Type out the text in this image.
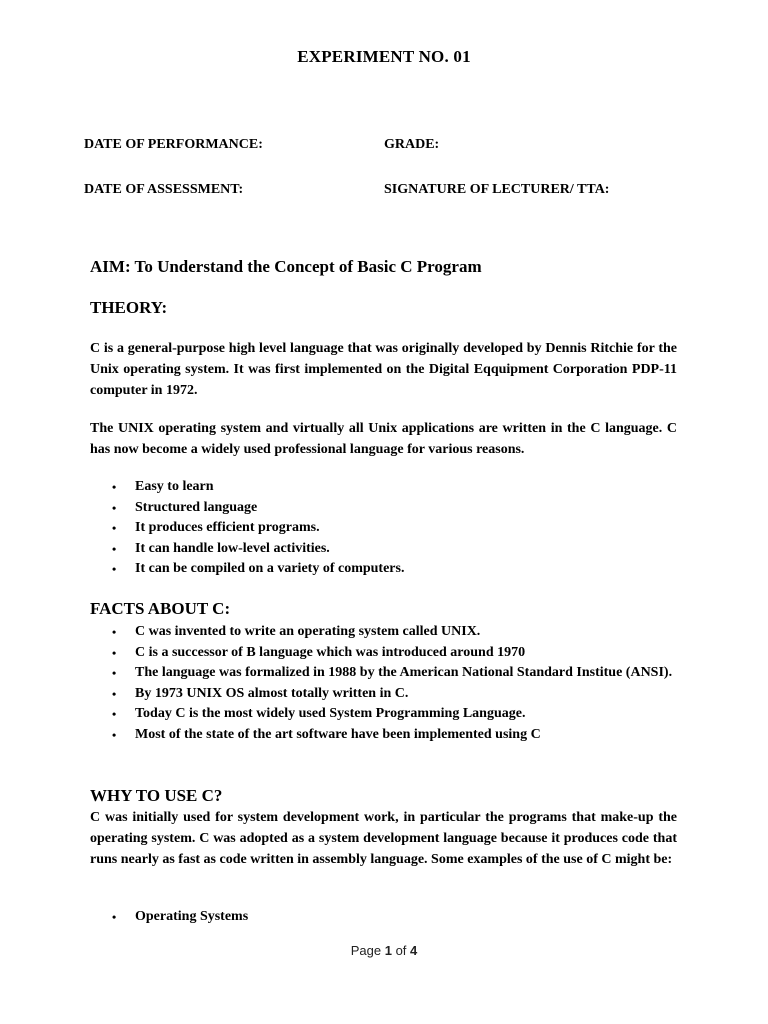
EXPERIMENT NO. 01
DATE OF PERFORMANCE:	GRADE:
DATE OF ASSESSMENT:	SIGNATURE OF LECTURER/ TTA:
AIM: To Understand the Concept of Basic C Program
THEORY:

C is a general-purpose high level language that was originally developed by Dennis Ritchie for the Unix operating system. It was first implemented on the Digital Eqquipment Corporation PDP-11 computer in 1972.

The UNIX operating system and virtually all Unix applications are written in the C language. C has now become a widely used professional language for various reasons.

• Easy to learn
• Structured language
• It produces efficient programs.
• It can handle low-level activities.
• It can be compiled on a variety of computers.
FACTS ABOUT C:
• C was invented to write an operating system called UNIX.
• C is a successor of B language which was introduced around 1970
• The language was formalized in 1988 by the American National Standard Institue (ANSI).
• By 1973 UNIX OS almost totally written in C.
• Today C is the most widely used System Programming Language.
• Most of the state of the art software have been implemented using C
WHY TO USE C?

C was initially used for system development work, in particular the programs that make-up the operating system. C was adopted as a system development language because it produces code that runs nearly as fast as code written in assembly language. Some examples of the use of C might be:

• Operating Systems
Page 1 of 4
